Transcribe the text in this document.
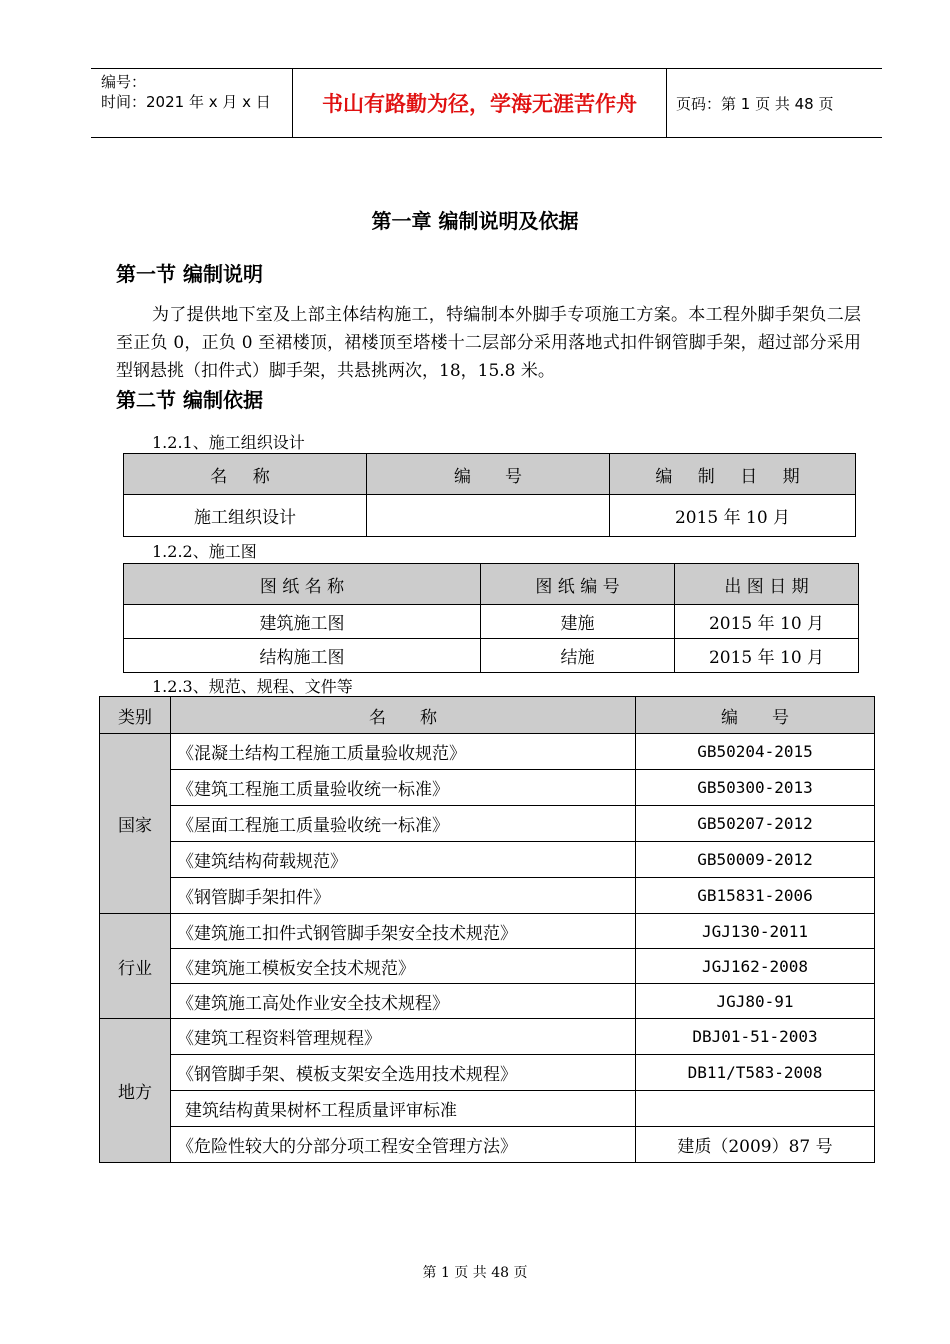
编号：
时间：2021 年 x 月 x 日	书山有路勤为径，学海无涯苦作舟	页码：第 1 页 共 48 页
第一章 编制说明及依据
第一节 编制说明
为了提供地下室及上部主体结构施工，特编制本外脚手专项施工方案。本工程外脚手架负二层至正负 0，正负 0 至裙楼顶，裙楼顶至塔楼十二层部分采用落地式扣件钢管脚手架，超过部分采用型钢悬挑（扣件式）脚手架，共悬挑两次，18，15.8 米。
第二节 编制依据
1.2.1、施工组织设计
名 称	编　　号	编 制 日 期
施工组织设计		2015 年 10 月
1.2.2、施工图
图 纸 名 称	图 纸 编 号	出 图 日 期
建筑施工图	建施	2015 年 10 月
结构施工图	结施	2015 年 10 月
1.2.3、规范、规程、文件等
类别	名　　称	编　　号
国家	《混凝土结构工程施工质量验收规范》	GB50204-2015
	《建筑工程施工质量验收统一标准》	GB50300-2013
	《屋面工程施工质量验收统一标准》	GB50207-2012
	《建筑结构荷载规范》	GB50009-2012
	《钢管脚手架扣件》	GB15831-2006
行业	《建筑施工扣件式钢管脚手架安全技术规范》	JGJ130-2011
	《建筑施工模板安全技术规范》	JGJ162-2008
	《建筑施工高处作业安全技术规程》	JGJ80-91
地方	《建筑工程资料管理规程》	DBJ01-51-2003
	《钢管脚手架、模板支架安全选用技术规程》	DB11/T583-2008
	建筑结构黄果树杯工程质量评审标准	
	《危险性较大的分部分项工程安全管理方法》	建质（2009）87 号
第 1 页 共 48 页
